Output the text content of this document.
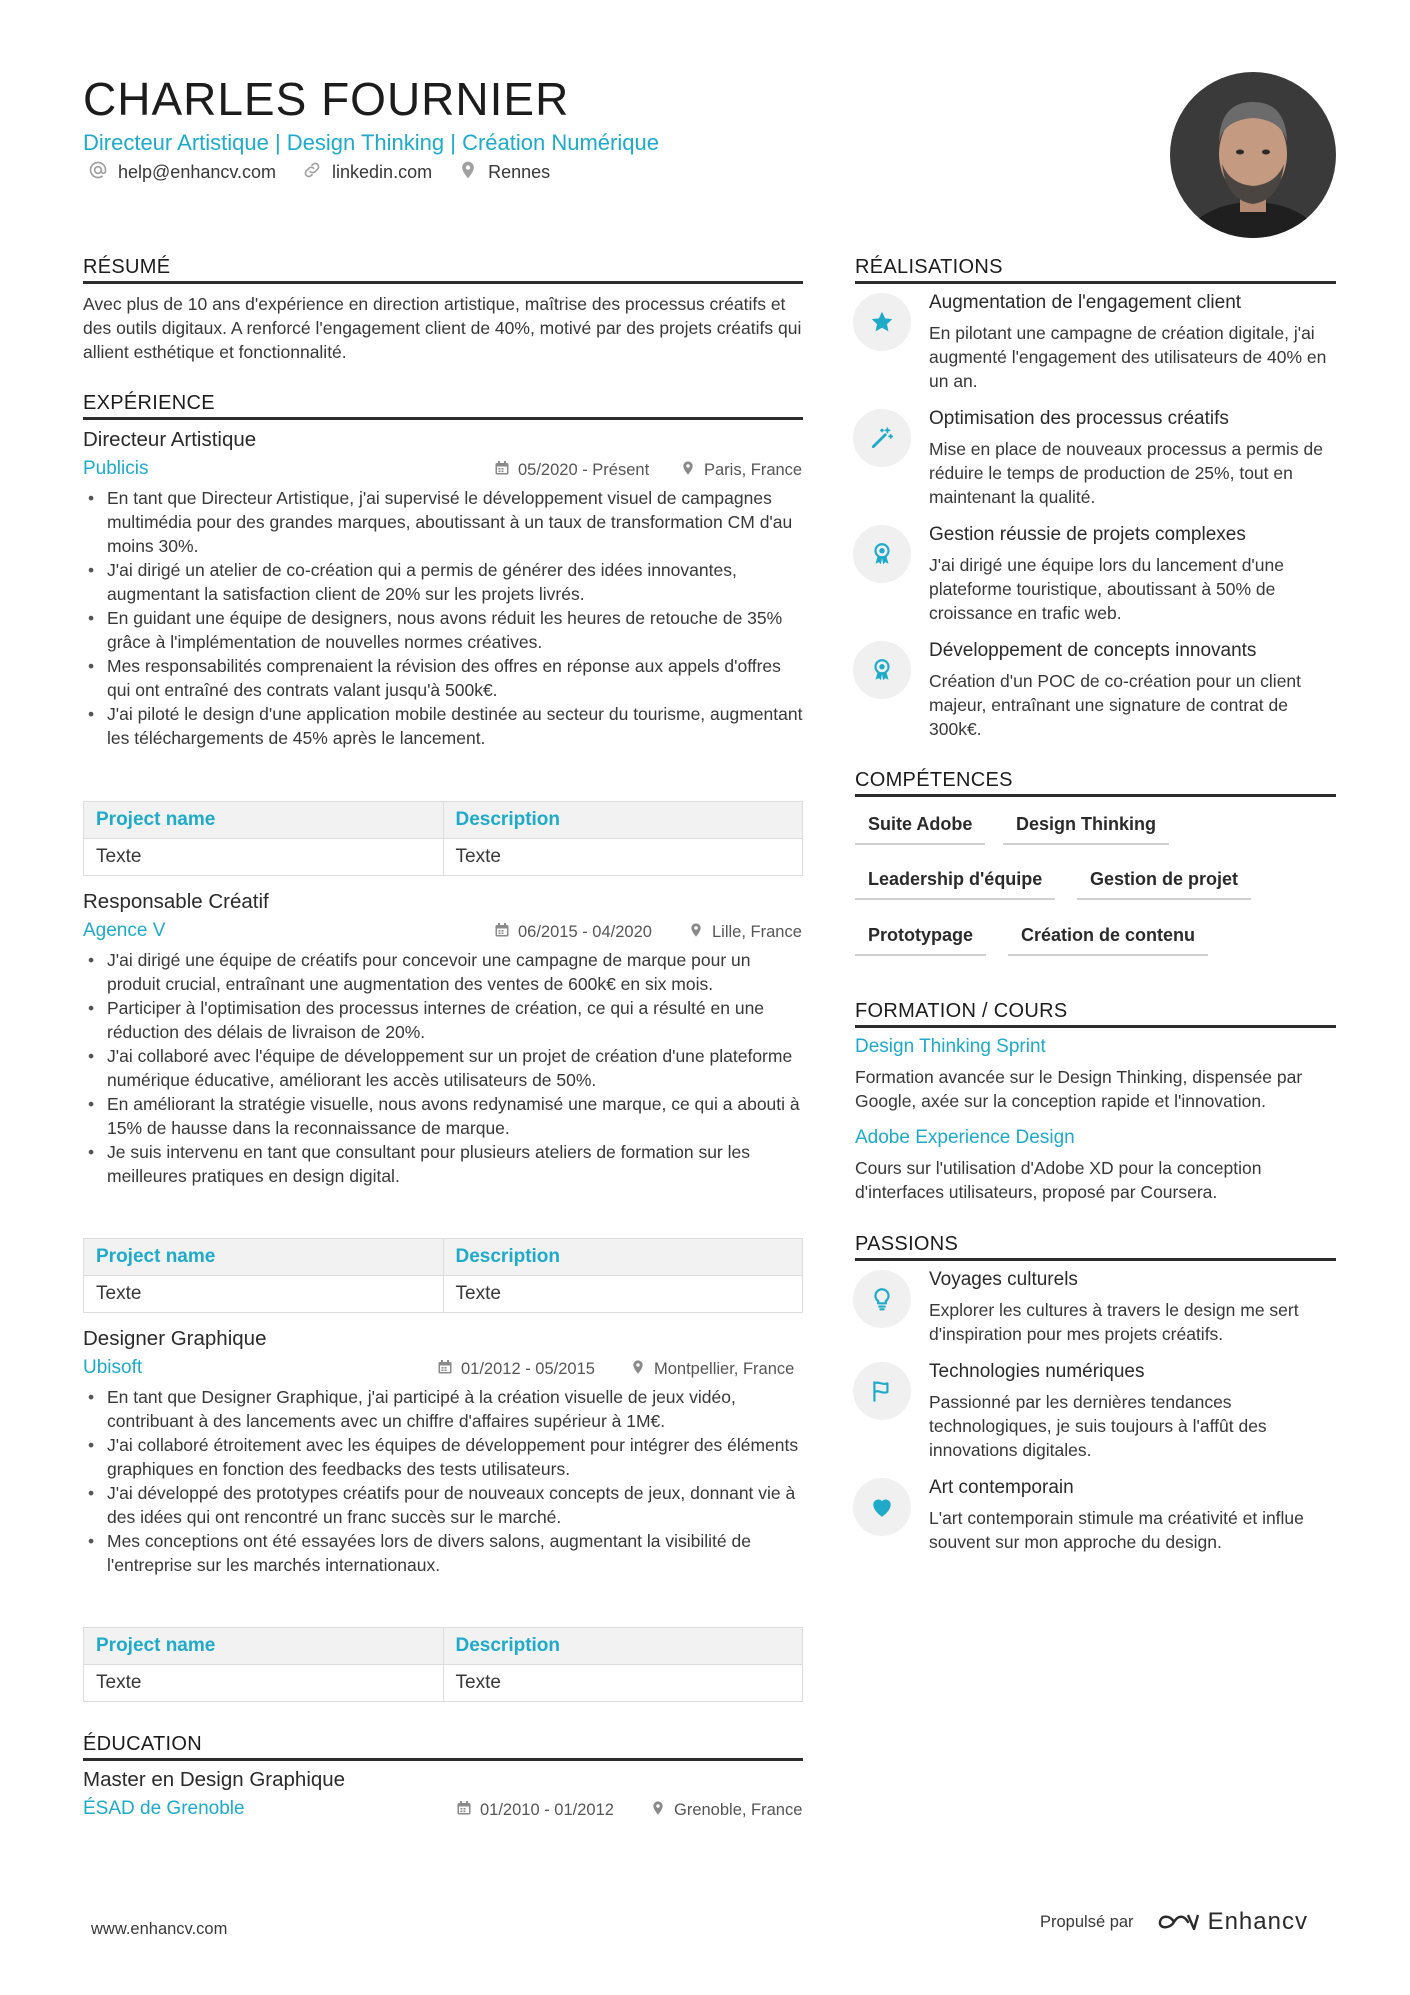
CHARLES FOURNIER
Directeur Artistique | Design Thinking | Création Numérique
help@enhancv.com	linkedin.com	Rennes
RÉSUMÉ
Avec plus de 10 ans d'expérience en direction artistique, maîtrise des processus créatifs et des outils digitaux. A renforcé l'engagement client de 40%, motivé par des projets créatifs qui allient esthétique et fonctionnalité.
EXPÉRIENCE
Directeur Artistique
Publicis	05/2020 - Présent	Paris, France
• En tant que Directeur Artistique, j'ai supervisé le développement visuel de campagnes multimédia pour des grandes marques, aboutissant à un taux de transformation CM d'au moins 30%.
• J'ai dirigé un atelier de co-création qui a permis de générer des idées innovantes, augmentant la satisfaction client de 20% sur les projets livrés.
• En guidant une équipe de designers, nous avons réduit les heures de retouche de 35% grâce à l'implémentation de nouvelles normes créatives.
• Mes responsabilités comprenaient la révision des offres en réponse aux appels d'offres qui ont entraîné des contrats valant jusqu'à 500k€.
• J'ai piloté le design d'une application mobile destinée au secteur du tourisme, augmentant les téléchargements de 45% après le lancement.
Project name	Description
Texte	Texte
Responsable Créatif
Agence V	06/2015 - 04/2020	Lille, France
• J'ai dirigé une équipe de créatifs pour concevoir une campagne de marque pour un produit crucial, entraînant une augmentation des ventes de 600k€ en six mois.
• Participer à l'optimisation des processus internes de création, ce qui a résulté en une réduction des délais de livraison de 20%.
• J'ai collaboré avec l'équipe de développement sur un projet de création d'une plateforme numérique éducative, améliorant les accès utilisateurs de 50%.
• En améliorant la stratégie visuelle, nous avons redynamisé une marque, ce qui a abouti à 15% de hausse dans la reconnaissance de marque.
• Je suis intervenu en tant que consultant pour plusieurs ateliers de formation sur les meilleures pratiques en design digital.
Project name	Description
Texte	Texte
Designer Graphique
Ubisoft	01/2012 - 05/2015	Montpellier, France
• En tant que Designer Graphique, j'ai participé à la création visuelle de jeux vidéo, contribuant à des lancements avec un chiffre d'affaires supérieur à 1M€.
• J'ai collaboré étroitement avec les équipes de développement pour intégrer des éléments graphiques en fonction des feedbacks des tests utilisateurs.
• J'ai développé des prototypes créatifs pour de nouveaux concepts de jeux, donnant vie à des idées qui ont rencontré un franc succès sur le marché.
• Mes conceptions ont été essayées lors de divers salons, augmentant la visibilité de l'entreprise sur les marchés internationaux.
Project name	Description
Texte	Texte
ÉDUCATION
Master en Design Graphique
ÉSAD de Grenoble	01/2010 - 01/2012	Grenoble, France
RÉALISATIONS
Augmentation de l'engagement client
En pilotant une campagne de création digitale, j'ai augmenté l'engagement des utilisateurs de 40% en un an.
Optimisation des processus créatifs
Mise en place de nouveaux processus a permis de réduire le temps de production de 25%, tout en maintenant la qualité.
Gestion réussie de projets complexes
J'ai dirigé une équipe lors du lancement d'une plateforme touristique, aboutissant à 50% de croissance en trafic web.
Développement de concepts innovants
Création d'un POC de co-création pour un client majeur, entraînant une signature de contrat de 300k€.
COMPÉTENCES
Suite Adobe	Design Thinking
Leadership d'équipe	Gestion de projet
Prototypage	Création de contenu
FORMATION / COURS
Design Thinking Sprint
Formation avancée sur le Design Thinking, dispensée par Google, axée sur la conception rapide et l'innovation.
Adobe Experience Design
Cours sur l'utilisation d'Adobe XD pour la conception d'interfaces utilisateurs, proposé par Coursera.
PASSIONS
Voyages culturels
Explorer les cultures à travers le design me sert d'inspiration pour mes projets créatifs.
Technologies numériques
Passionné par les dernières tendances technologiques, je suis toujours à l'affût des innovations digitales.
Art contemporain
L'art contemporain stimule ma créativité et influe souvent sur mon approche du design.
www.enhancv.com	Propulsé par	Enhancv
